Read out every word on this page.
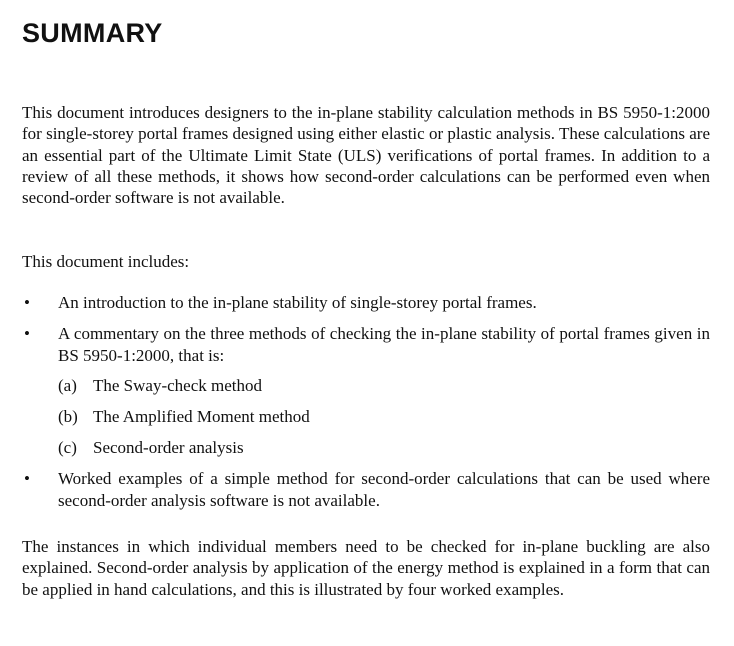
SUMMARY

This document introduces designers to the in-plane stability calculation methods in BS 5950-1:2000 for single-storey portal frames designed using either elastic or plastic analysis. These calculations are an essential part of the Ultimate Limit State (ULS) verifications of portal frames. In addition to a review of all these methods, it shows how second-order calculations can be performed even when second-order software is not available.

This document includes:

• An introduction to the in-plane stability of single-storey portal frames.
• A commentary on the three methods of checking the in-plane stability of portal frames given in BS 5950-1:2000, that is:
(a) The Sway-check method
(b) The Amplified Moment method
(c) Second-order analysis
• Worked examples of a simple method for second-order calculations that can be used where second-order analysis software is not available.

The instances in which individual members need to be checked for in-plane buckling are also explained. Second-order analysis by application of the energy method is explained in a form that can be applied in hand calculations, and this is illustrated by four worked examples.
